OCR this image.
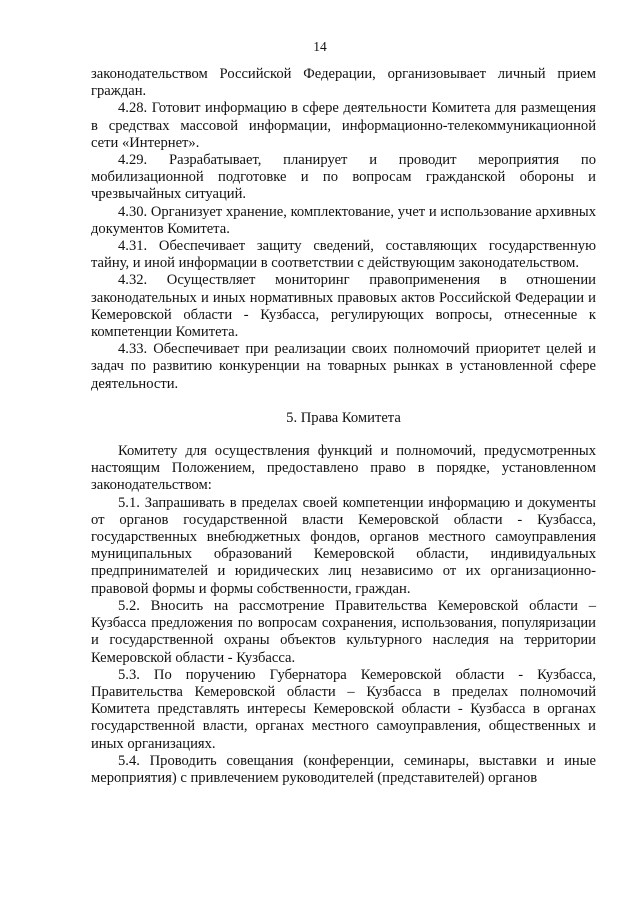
14

законодательством Российской Федерации, организовывает личный прием граждан.

4.28. Готовит информацию в сфере деятельности Комитета для размещения в средствах массовой информации, информационно-телекоммуникационной сети «Интернет».

4.29. Разрабатывает, планирует и проводит мероприятия по мобилизационной подготовке и по вопросам гражданской обороны и чрезвычайных ситуаций.

4.30. Организует хранение, комплектование, учет и использование архивных документов Комитета.

4.31. Обеспечивает защиту сведений, составляющих государственную тайну, и иной информации в соответствии с действующим законодательством.

4.32. Осуществляет мониторинг правоприменения в отношении законодательных и иных нормативных правовых актов Российской Федерации и Кемеровской области - Кузбасса, регулирующих вопросы, отнесенные к компетенции Комитета.

4.33. Обеспечивает при реализации своих полномочий приоритет целей и задач по развитию конкуренции на товарных рынках в установленной сфере деятельности.

5. Права Комитета

Комитету для осуществления функций и полномочий, предусмотренных настоящим Положением, предоставлено право в порядке, установленном законодательством:

5.1. Запрашивать в пределах своей компетенции информацию и документы от органов государственной власти Кемеровской области - Кузбасса, государственных внебюджетных фондов, органов местного самоуправления муниципальных образований Кемеровской области, индивидуальных предпринимателей и юридических лиц независимо от их организационно-правовой формы и формы собственности, граждан.

5.2. Вносить на рассмотрение Правительства Кемеровской области – Кузбасса предложения по вопросам сохранения, использования, популяризации и государственной охраны объектов культурного наследия на территории Кемеровской области - Кузбасса.

5.3. По поручению Губернатора Кемеровской области - Кузбасса, Правительства Кемеровской области – Кузбасса в пределах полномочий Комитета представлять интересы Кемеровской области - Кузбасса в органах государственной власти, органах местного самоуправления, общественных и иных организациях.

5.4. Проводить совещания (конференции, семинары, выставки и иные мероприятия) с привлечением руководителей (представителей) органов
